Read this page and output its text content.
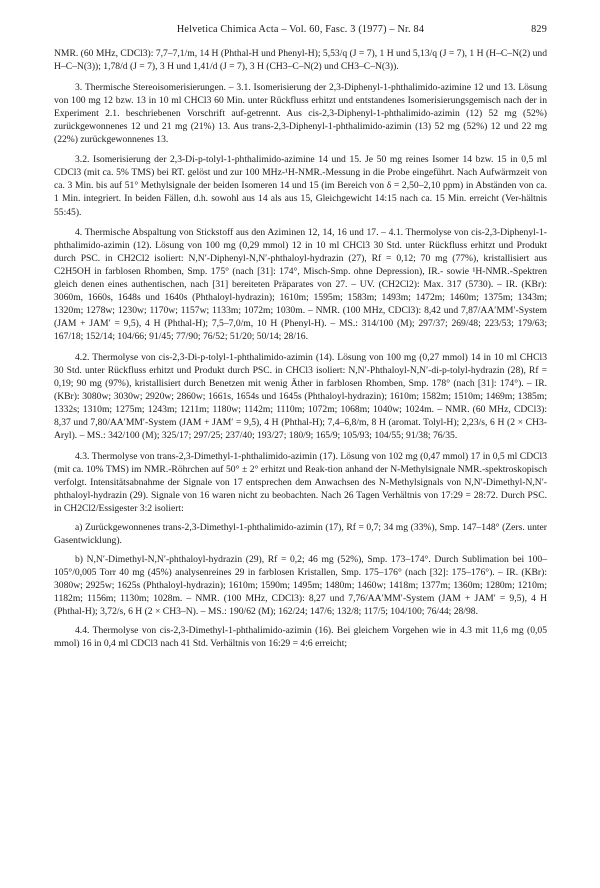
Helvetica Chimica Acta – Vol. 60, Fasc. 3 (1977) – Nr. 84	829

NMR. (60 MHz, CDCl3): 7,7–7,1/m, 14 H (Phthal-H und Phenyl-H); 5,53/q (J = 7), 1 H und 5,13/q (J = 7), 1 H (H–C–N(2) und H–C–N(3)); 1,78/d (J = 7), 3 H und 1,41/d (J = 7), 3 H (CH3–C–N(2) und CH3–C–N(3)).

3. Thermische Stereoisomerisierungen. – 3.1. Isomerisierung der 2,3-Diphenyl-1-phthalimido-azimine 12 und 13. Lösung von 100 mg 12 bzw. 13 in 10 ml CHCl3 60 Min. unter Rückfluss erhitzt und entstandenes Isomerisierungsgemisch nach der in Experiment 2.1. beschriebenen Vorschrift auf-getrennt. Aus cis-2,3-Diphenyl-1-phthalimido-azimin (12) 52 mg (52%) zurückgewonnenes 12 und 21 mg (21%) 13. Aus trans-2,3-Diphenyl-1-phthalimido-azimin (13) 52 mg (52%) 12 und 22 mg (22%) zurückgewonnenes 13.

3.2. Isomerisierung der 2,3-Di-p-tolyl-1-phthalimido-azimine 14 und 15. Je 50 mg reines Isomer 14 bzw. 15 in 0,5 ml CDCl3 (mit ca. 5% TMS) bei RT. gelöst und zur 100 MHz-¹H-NMR.-Messung in die Probe eingeführt. Nach Aufwärmzeit von ca. 3 Min. bis auf 51° Methylsignale der beiden Isomeren 14 und 15 (im Bereich von δ = 2,50–2,10 ppm) in Abständen von ca. 1 Min. integriert. In beiden Fällen, d.h. sowohl aus 14 als aus 15, Gleichgewicht 14:15 nach ca. 15 Min. erreicht (Ver-hältnis 55:45).

4. Thermische Abspaltung von Stickstoff aus den Aziminen 12, 14, 16 und 17. – 4.1. Thermolyse von cis-2,3-Diphenyl-1-phthalimido-azimin (12). Lösung von 100 mg (0,29 mmol) 12 in 10 ml CHCl3 30 Std. unter Rückfluss erhitzt und Produkt durch PSC. in CH2Cl2 isoliert: N,N′-Diphenyl-N,N′-phthaloyl-hydrazin (27), Rf = 0,12; 70 mg (77%), kristallisiert aus C2H5OH in farblosen Rhomben, Smp. 175° (nach [31]: 174°, Misch-Smp. ohne Depression), IR.- sowie ¹H-NMR.-Spektren gleich denen eines authentischen, nach [31] bereiteten Präparates von 27. – UV. (CH2Cl2): Max. 317 (5730). – IR. (KBr): 3060m, 1660s, 1648s und 1640s (Phthaloyl-hydrazin); 1610m; 1595m; 1583m; 1493m; 1472m; 1460m; 1375m; 1343m; 1320m; 1278w; 1230w; 1170w; 1157w; 1133m; 1072m; 1030m. – NMR. (100 MHz, CDCl3): 8,42 und 7,87/AA′MM′-System (JAM + JAM′ = 9,5), 4 H (Phthal-H); 7,5–7,0/m, 10 H (Phenyl-H). – MS.: 314/100 (M); 297/37; 269/48; 223/53; 179/63; 167/18; 152/14; 104/66; 91/45; 77/90; 76/52; 51/20; 50/14; 28/16.

4.2. Thermolyse von cis-2,3-Di-p-tolyl-1-phthalimido-azimin (14). Lösung von 100 mg (0,27 mmol) 14 in 10 ml CHCl3 30 Std. unter Rückfluss erhitzt und Produkt durch PSC. in CHCl3 isoliert: N,N′-Phthaloyl-N,N′-di-p-tolyl-hydrazin (28), Rf = 0,19; 90 mg (97%), kristallisiert durch Benetzen mit wenig Äther in farblosen Rhomben, Smp. 178° (nach [31]: 174°). – IR. (KBr): 3080w; 3030w; 2920w; 2860w; 1661s, 1654s und 1645s (Phthaloyl-hydrazin); 1610m; 1582m; 1510m; 1469m; 1385m; 1332s; 1310m; 1275m; 1243m; 1211m; 1180w; 1142m; 1110m; 1072m; 1068m; 1040w; 1024m. – NMR. (60 MHz, CDCl3): 8,37 und 7,80/AA′MM′-System (JAM + JAM′ = 9,5), 4 H (Phthal-H); 7,4–6,8/m, 8 H (aromat. Tolyl-H); 2,23/s, 6 H (2 × CH3-Aryl). – MS.: 342/100 (M); 325/17; 297/25; 237/40; 193/27; 180/9; 165/9; 105/93; 104/55; 91/38; 76/35.

4.3. Thermolyse von trans-2,3-Dimethyl-1-phthalimido-azimin (17). Lösung von 102 mg (0,47 mmol) 17 in 0,5 ml CDCl3 (mit ca. 10% TMS) im NMR.-Röhrchen auf 50° ± 2° erhitzt und Reak-tion anhand der N-Methylsignale NMR.-spektroskopisch verfolgt. Intensitätsabnahme der Signale von 17 entsprechen dem Anwachsen des N-Methylsignals von N,N′-Dimethyl-N,N′-phthaloyl-hydrazin (29). Signale von 16 waren nicht zu beobachten. Nach 26 Tagen Verhältnis von 17:29 = 28:72. Durch PSC. in CH2Cl2/Essigester 3:2 isoliert:

a) Zurückgewonnenes trans-2,3-Dimethyl-1-phthalimido-azimin (17), Rf = 0,7; 34 mg (33%), Smp. 147–148° (Zers. unter Gasentwicklung).

b) N,N′-Dimethyl-N,N′-phthaloyl-hydrazin (29), Rf = 0,2; 46 mg (52%), Smp. 173–174°. Durch Sublimation bei 100–105°/0,005 Torr 40 mg (45%) analysenreines 29 in farblosen Kristallen, Smp. 175–176° (nach [32]: 175–176°). – IR. (KBr): 3080w; 2925w; 1625s (Phthaloyl-hydrazin); 1610m; 1590m; 1495m; 1480m; 1460w; 1418m; 1377m; 1360m; 1280m; 1210m; 1182m; 1156m; 1130m; 1028m. – NMR. (100 MHz, CDCl3): 8,27 und 7,76/AA′MM′-System (JAM + JAM′ = 9,5), 4 H (Phthal-H); 3,72/s, 6 H (2 × CH3–N). – MS.: 190/62 (M); 162/24; 147/6; 132/8; 117/5; 104/100; 76/44; 28/98.

4.4. Thermolyse von cis-2,3-Dimethyl-1-phthalimido-azimin (16). Bei gleichem Vorgehen wie in 4.3 mit 11,6 mg (0,05 mmol) 16 in 0,4 ml CDCl3 nach 41 Std. Verhältnis von 16:29 = 4:6 erreicht;
